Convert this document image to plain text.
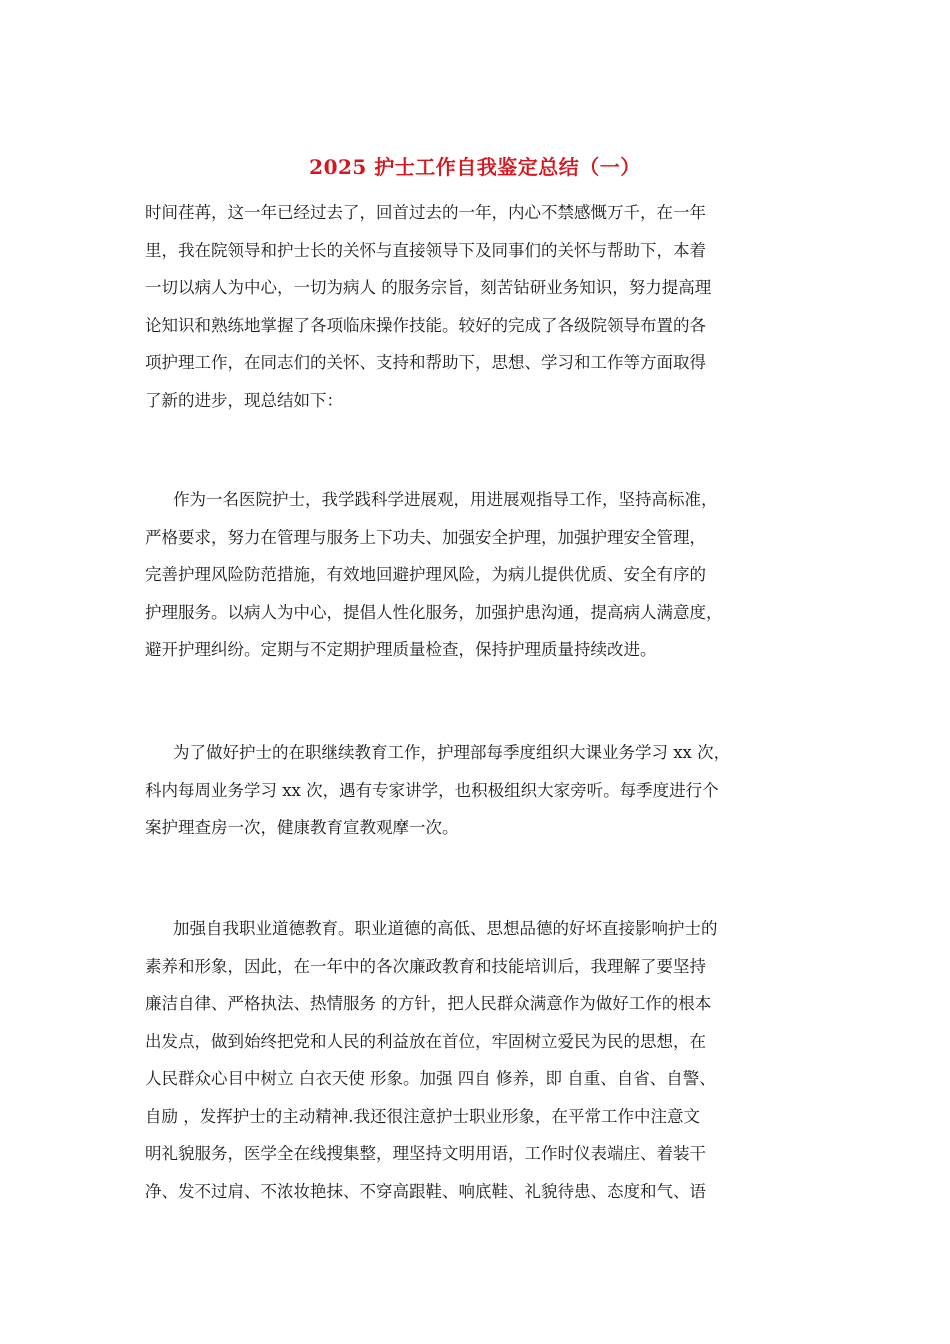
2025 护士工作自我鉴定总结（一）
时间荏苒，这一年已经过去了，回首过去的一年，内心不禁感慨万千，在一年
里，我在院领导和护士长的关怀与直接领导下及同事们的关怀与帮助下，本着
一切以病人为中心，一切为病人 的服务宗旨，刻苦钻研业务知识，努力提高理
论知识和熟练地掌握了各项临床操作技能。较好的完成了各级院领导布置的各
项护理工作，在同志们的关怀、支持和帮助下，思想、学习和工作等方面取得
了新的进步，现总结如下：
作为一名医院护士，我学践科学进展观，用进展观指导工作，坚持高标准，
严格要求，努力在管理与服务上下功夫、加强安全护理，加强护理安全管理，
完善护理风险防范措施，有效地回避护理风险，为病儿提供优质、安全有序的
护理服务。以病人为中心，提倡人性化服务，加强护患沟通，提高病人满意度，
避开护理纠纷。定期与不定期护理质量检查，保持护理质量持续改进。
为了做好护士的在职继续教育工作，护理部每季度组织大课业务学习 xx 次，
科内每周业务学习 xx 次，遇有专家讲学，也积极组织大家旁听。每季度进行个
案护理查房一次，健康教育宣教观摩一次。
加强自我职业道德教育。职业道德的高低、思想品德的好坏直接影响护士的
素养和形象，因此，在一年中的各次廉政教育和技能培训后，我理解了要坚持
廉洁自律、严格执法、热情服务 的方针，把人民群众满意作为做好工作的根本
出发点，做到始终把党和人民的利益放在首位，牢固树立爱民为民的思想，在
人民群众心目中树立 白衣天使 形象。加强 四自 修养，即 自重、自省、自警、
自励 ，发挥护士的主动精神.我还很注意护士职业形象，在平常工作中注意文
明礼貌服务，医学全在线搜集整，理坚持文明用语，工作时仪表端庄、着装干
净、发不过肩、不浓妆艳抹、不穿高跟鞋、响底鞋、礼貌待患、态度和气、语
